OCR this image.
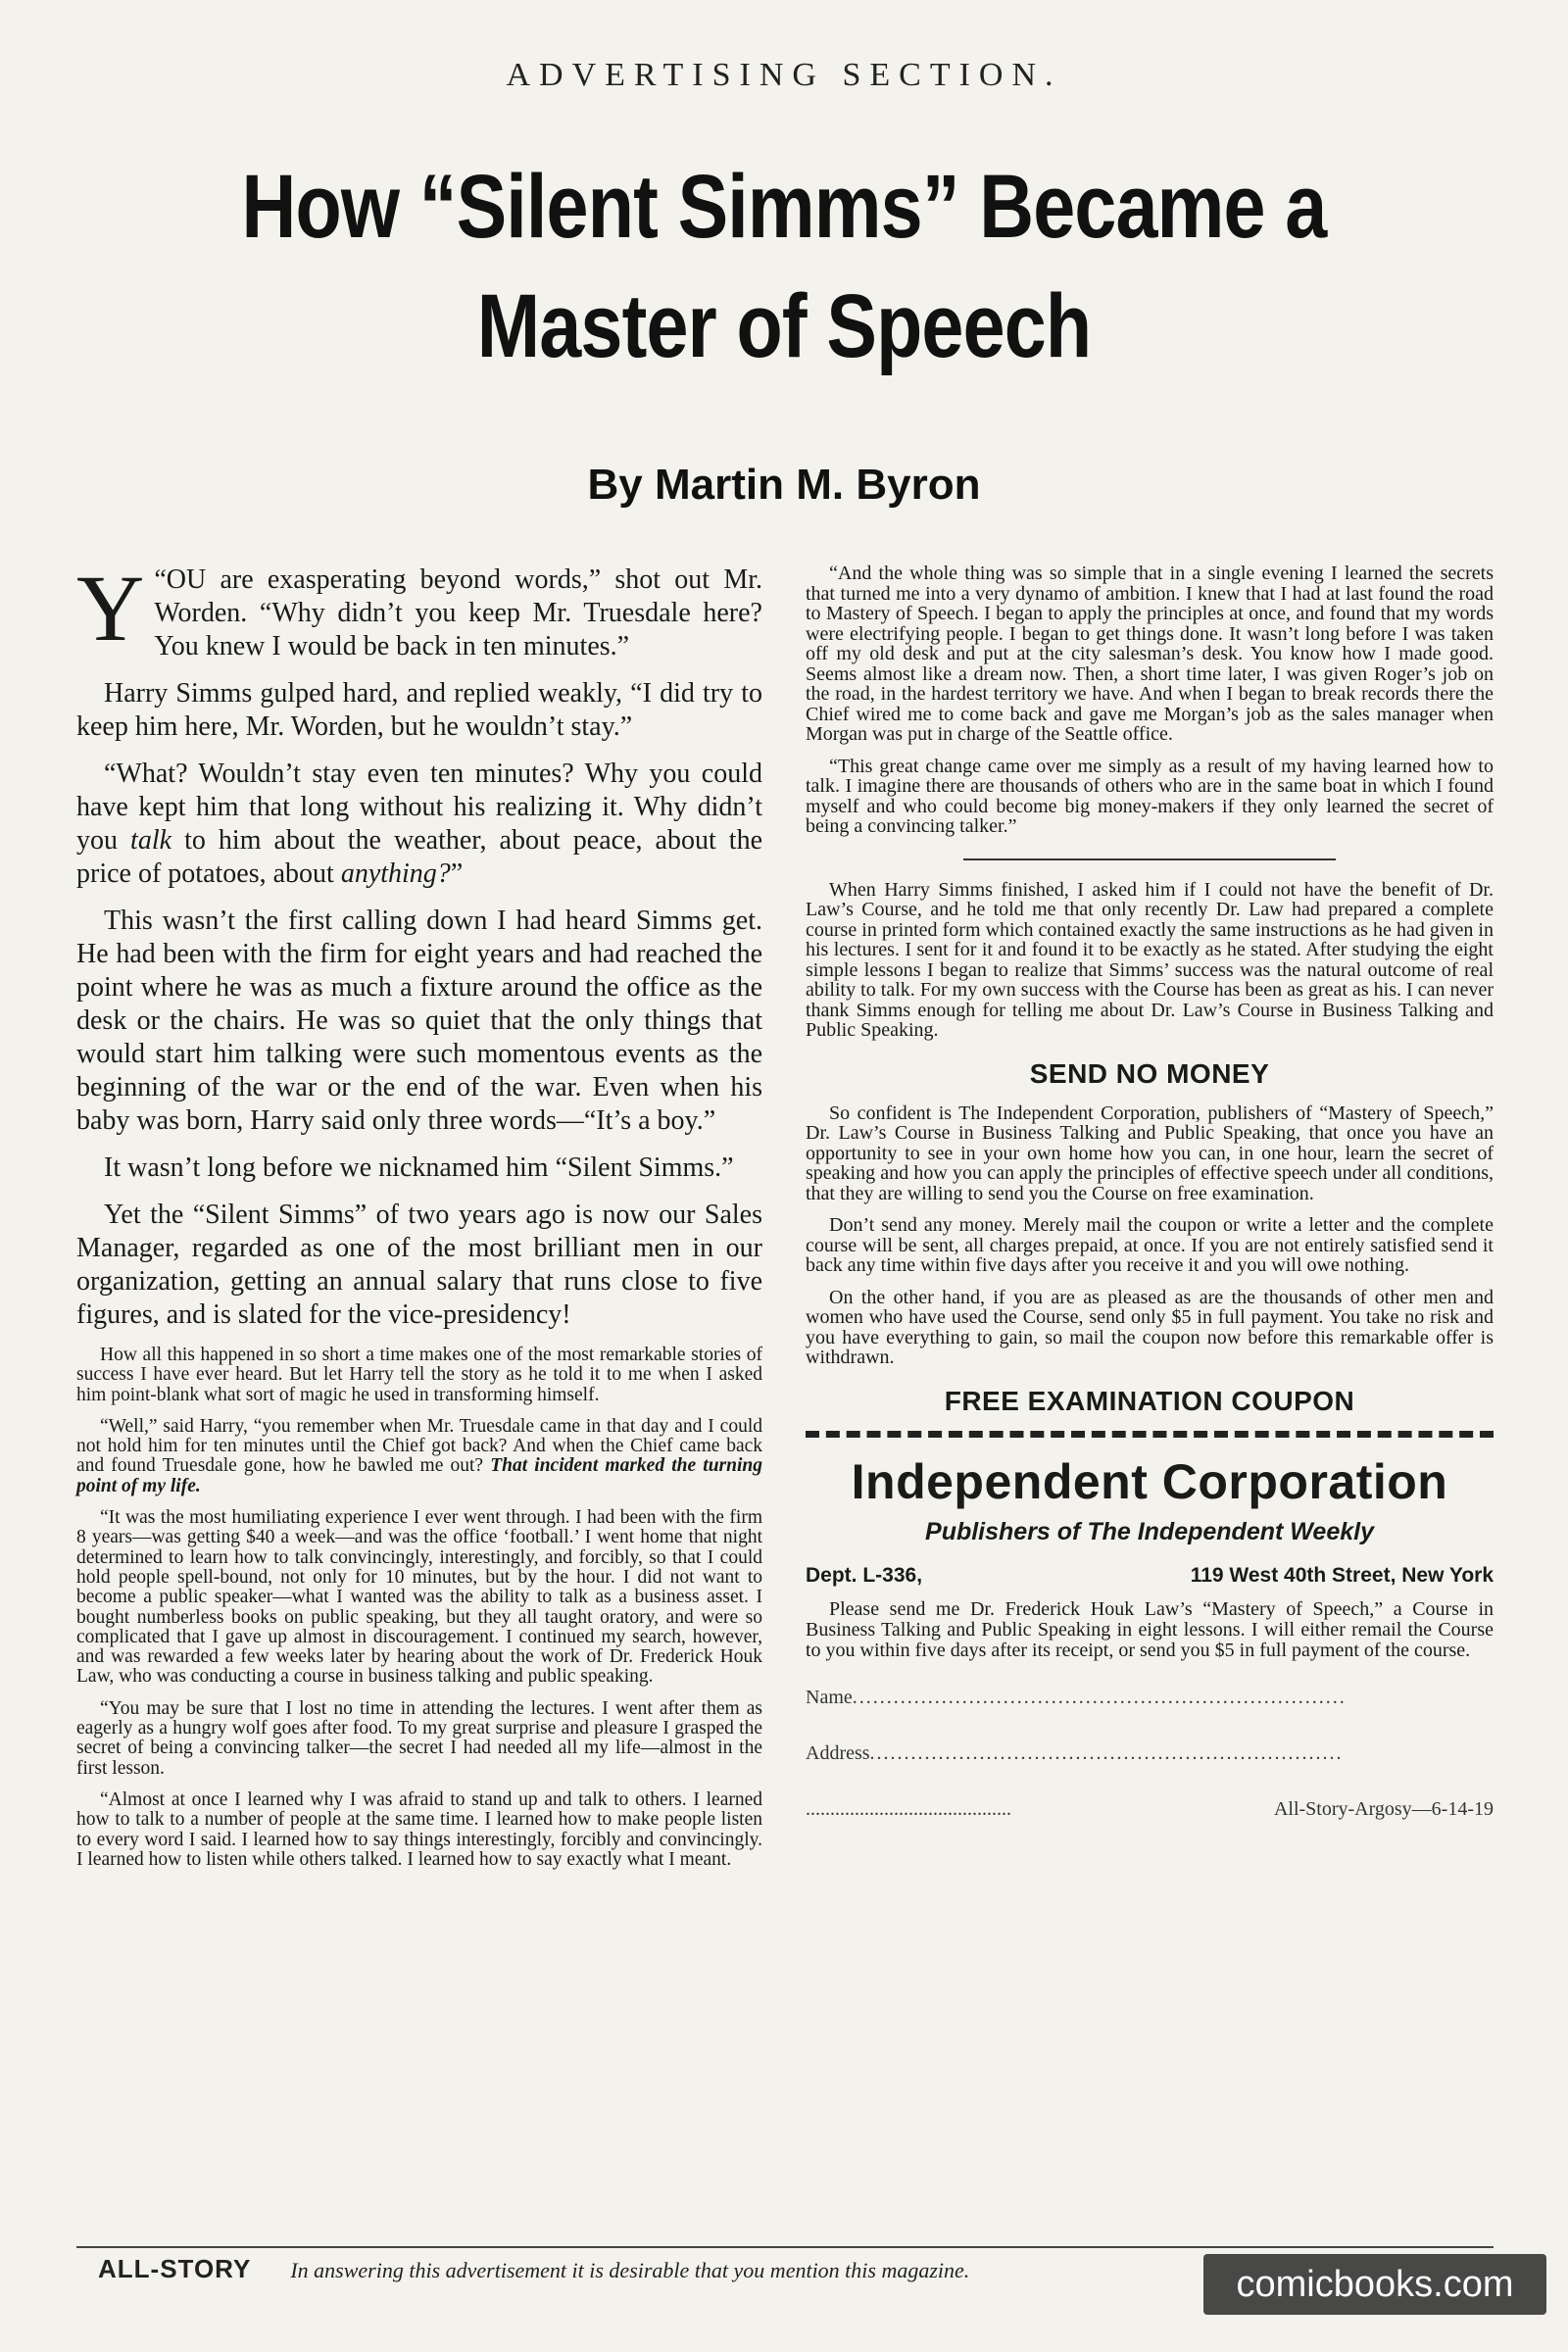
ADVERTISING SECTION.
How “Silent Simms” Became a
Master of Speech
By Martin M. Byron

“
Y OU are exasperating beyond words,” shot out Mr. Worden. “Why didn’t you keep Mr. Truesdale here? You knew I would be back in ten minutes.”

Harry Simms gulped hard, and replied weakly, “I did try to keep him here, Mr. Worden, but he wouldn’t stay.”

“What? Wouldn’t stay even ten minutes? Why you could have kept him that long without his realizing it. Why didn’t you talk to him about the weather, about peace, about the price of potatoes, about anything?”

This wasn’t the first calling down I had heard Simms get. He had been with the firm for eight years and had reached the point where he was as much a fixture around the office as the desk or the chairs. He was so quiet that the only things that would start him talking were such momentous events as the beginning of the war or the end of the war. Even when his baby was born, Harry said only three words—“It’s a boy.”

It wasn’t long before we nicknamed him “Silent Simms.”

Yet the “Silent Simms” of two years ago is now our Sales Manager, regarded as one of the most brilliant men in our organization, getting an annual salary that runs close to five figures, and is slated for the vice-presidency!

How all this happened in so short a time makes one of the most remarkable stories of success I have ever heard. But let Harry tell the story as he told it to me when I asked him point-blank what sort of magic he used in transforming himself.

“Well,” said Harry, “you remember when Mr. Truesdale came in that day and I could not hold him for ten minutes until the Chief got back? And when the Chief came back and found Truesdale gone, how he bawled me out? That incident marked the turning point of my life.

“It was the most humiliating experience I ever went through. I had been with the firm 8 years—was getting $40 a week—and was the office ‘football.’ I went home that night determined to learn how to talk convincingly, interestingly, and forcibly, so that I could hold people spell-bound, not only for 10 minutes, but by the hour. I did not want to become a public speaker—what I wanted was the ability to talk as a business asset. I bought numberless books on public speaking, but they all taught oratory, and were so complicated that I gave up almost in discouragement. I continued my search, however, and was rewarded a few weeks later by hearing about the work of Dr. Frederick Houk Law, who was conducting a course in business talking and public speaking.

“You may be sure that I lost no time in attending the lectures. I went after them as eagerly as a hungry wolf goes after food. To my great surprise and pleasure I grasped the secret of being a convincing talker—the secret I had needed all my life—almost in the first lesson.

“Almost at once I learned why I was afraid to stand up and talk to others. I learned how to talk to a number of people at the same time. I learned how to make people listen to every word I said. I learned how to say things interestingly, forcibly and convincingly. I learned how to listen while others talked. I learned how to say exactly what I meant.

“And the whole thing was so simple that in a single evening I learned the secrets that turned me into a very dynamo of ambition. I knew that I had at last found the road to Mastery of Speech. I began to apply the principles at once, and found that my words were electrifying people. I began to get things done. It wasn’t long before I was taken off my old desk and put at the city salesman’s desk. You know how I made good. Seems almost like a dream now. Then, a short time later, I was given Roger’s job on the road, in the hardest territory we have. And when I began to break records there the Chief wired me to come back and gave me Morgan’s job as the sales manager when Morgan was put in charge of the Seattle office.

“This great change came over me simply as a result of my having learned how to talk. I imagine there are thousands of others who are in the same boat in which I found myself and who could become big money-makers if they only learned the secret of being a convincing talker.”

When Harry Simms finished, I asked him if I could not have the benefit of Dr. Law’s Course, and he told me that only recently Dr. Law had prepared a complete course in printed form which contained exactly the same instructions as he had given in his lectures. I sent for it and found it to be exactly as he stated. After studying the eight simple lessons I began to realize that Simms’ success was the natural outcome of real ability to talk. For my own success with the Course has been as great as his. I can never thank Simms enough for telling me about Dr. Law’s Course in Business Talking and Public Speaking.

SEND NO MONEY

So confident is The Independent Corporation, publishers of “Mastery of Speech,” Dr. Law’s Course in Business Talking and Public Speaking, that once you have an opportunity to see in your own home how you can, in one hour, learn the secret of speaking and how you can apply the principles of effective speech under all conditions, that they are willing to send you the Course on free examination.

Don’t send any money. Merely mail the coupon or write a letter and the complete course will be sent, all charges prepaid, at once. If you are not entirely satisfied send it back any time within five days after you receive it and you will owe nothing.

On the other hand, if you are as pleased as are the thousands of other men and women who have used the Course, send only $5 in full payment. You take no risk and you have everything to gain, so mail the coupon now before this remarkable offer is withdrawn.

FREE EXAMINATION COUPON
Independent Corporation
Publishers of The Independent Weekly
Dept. L-336,	119 West 40th Street, New York

Please send me Dr. Frederick Houk Law’s “Mastery of Speech,” a Course in Business Talking and Public Speaking in eight lessons. I will either remail the Course to you within five days after its receipt, or send you $5 in full payment of the course.

Name........................................................................
Address.....................................................................
..........................................	All-Story-Argosy—6-14-19
ALL-STORY In answering this advertisement it is desirable that you mention this magazine.	comicbooks.com
